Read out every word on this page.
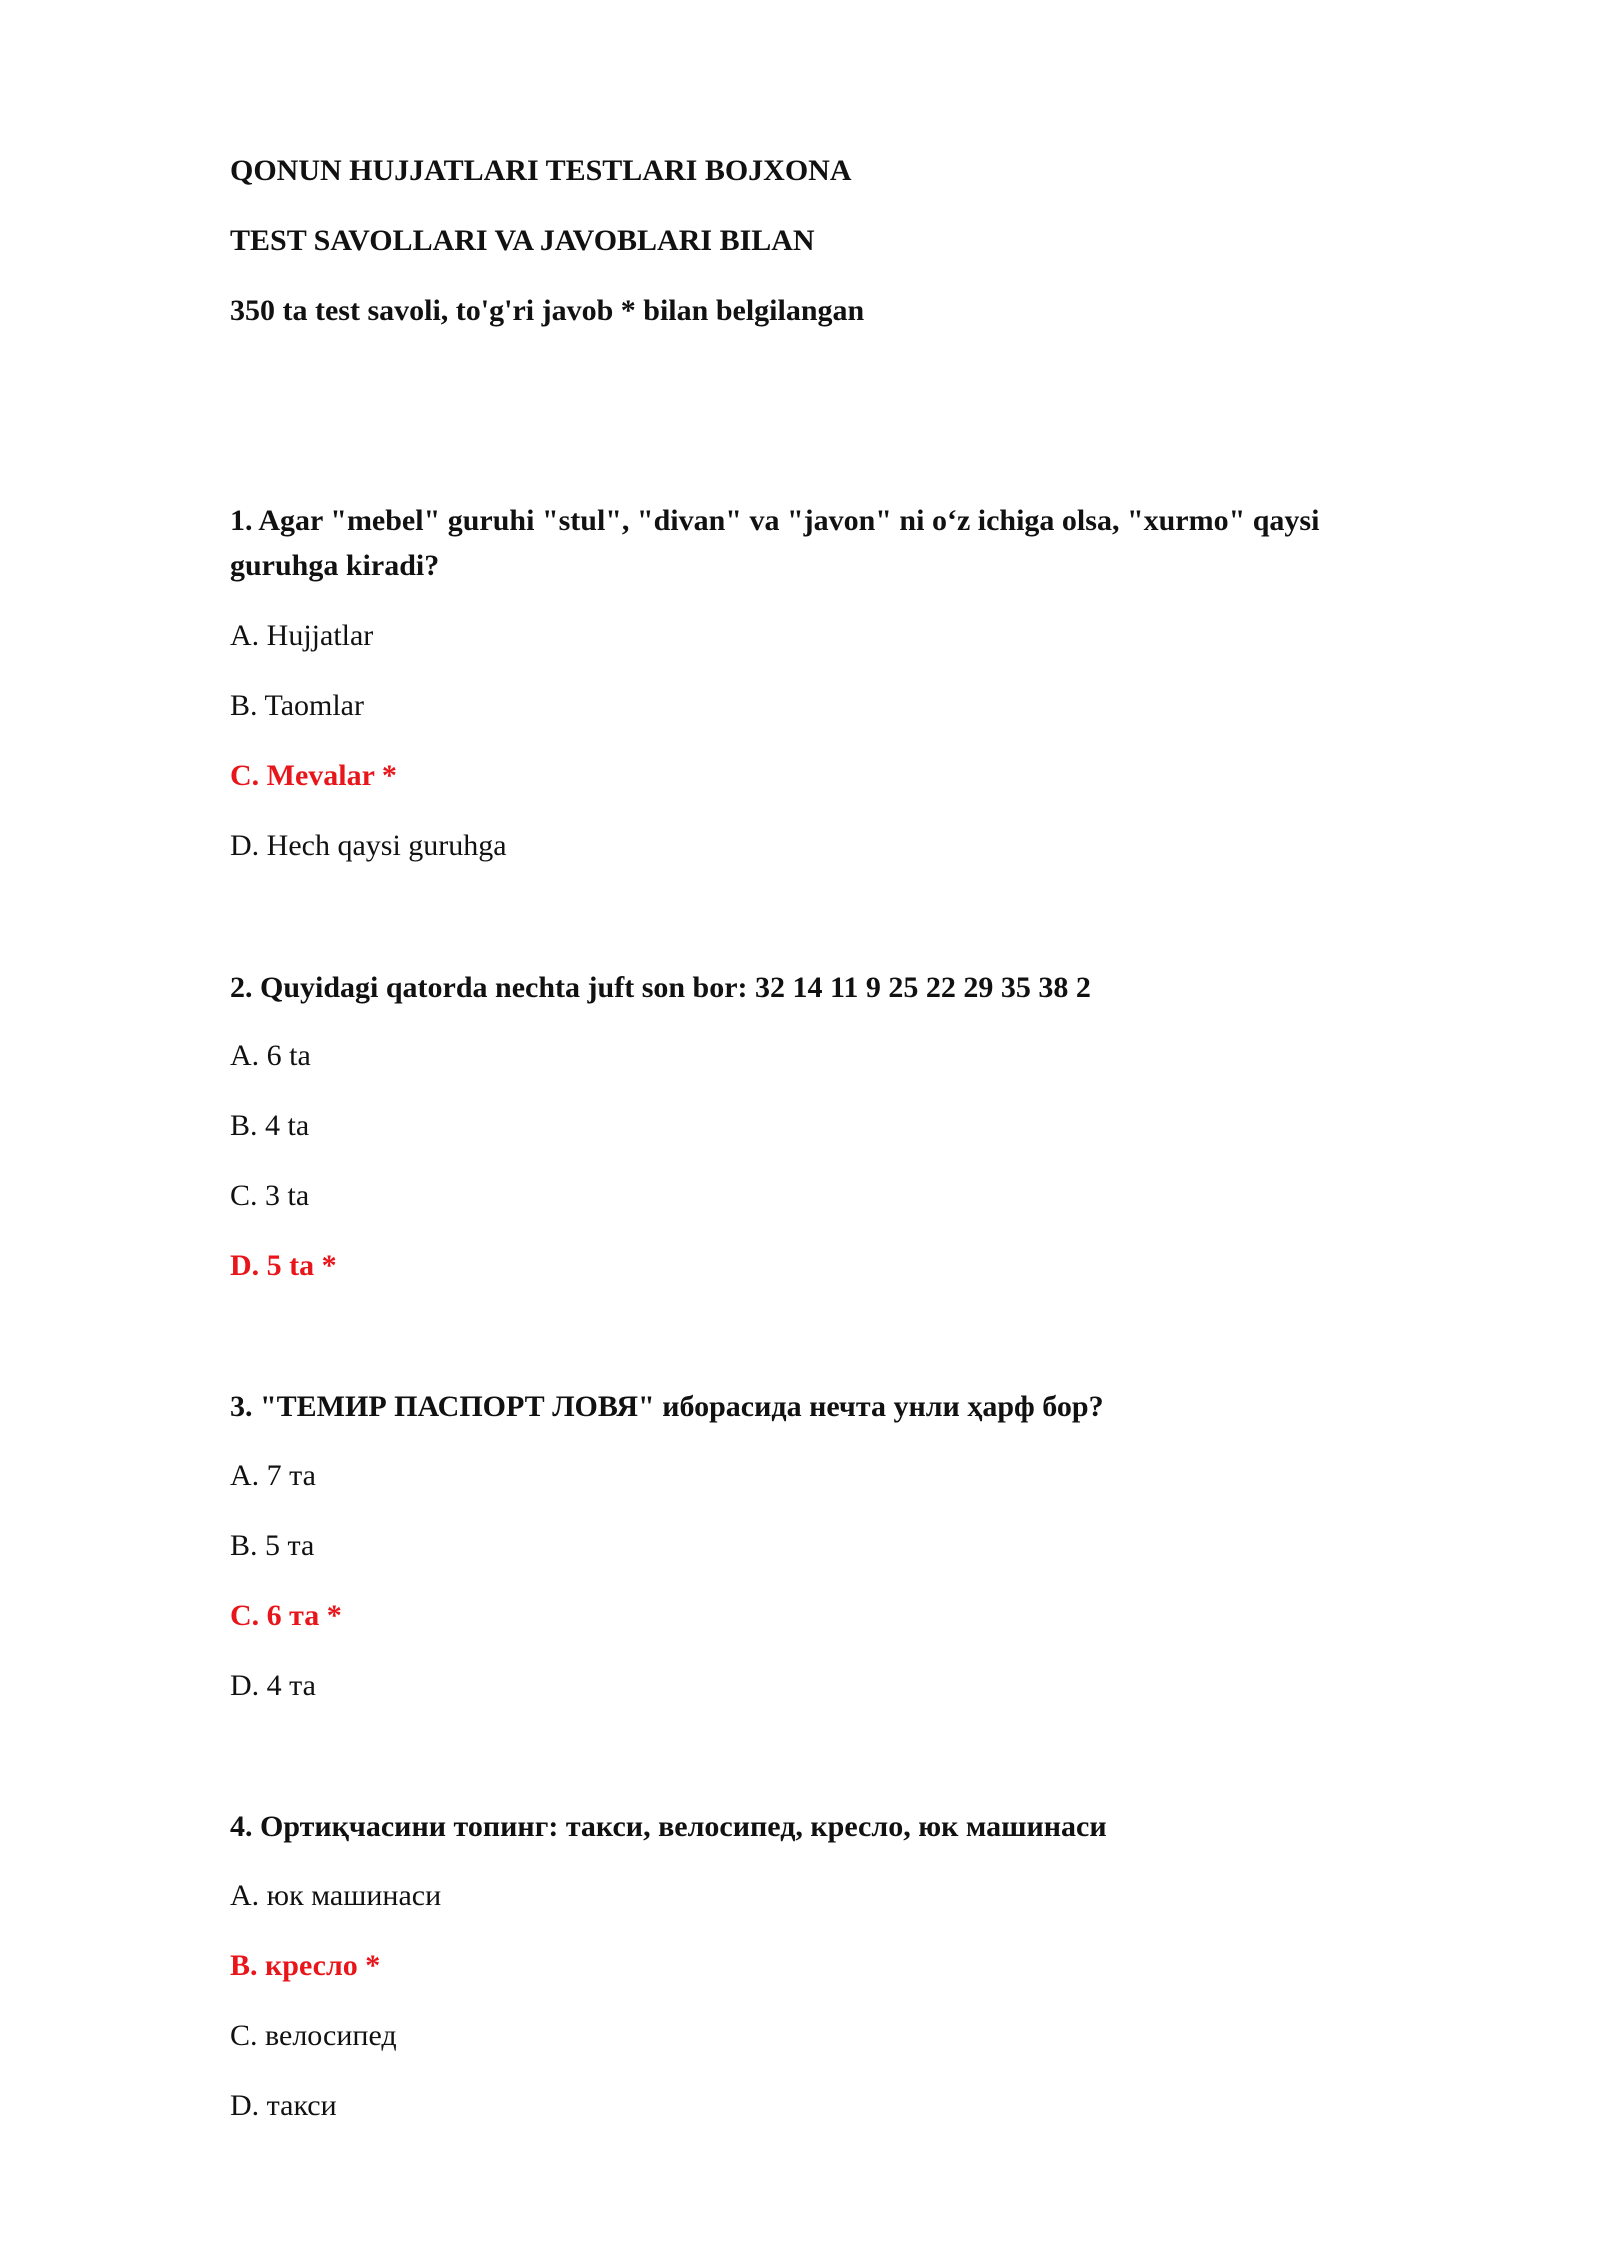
QONUN HUJJATLARI TESTLARI BOJXONA
TEST SAVOLLARI VA JAVOBLARI BILAN
350 ta test savoli, to'g'ri javob * bilan belgilangan

1. Agar "mebel" guruhi "stul", "divan" va "javon" ni o‘z ichiga olsa, "xurmo" qaysi guruhga kiradi?

A. Hujjatlar
B. Taomlar
C. Mevalar *
D. Hech qaysi guruhga

2. Quyidagi qatorda nechta juft son bor: 32 14 11 9 25 22 29 35 38 2

A. 6 ta
B. 4 ta
C. 3 ta
D. 5 ta *

3. "ТЕМИР ПАСПОРТ ЛОВЯ" иборасида нечта унли ҳарф бор?

A. 7 та
B. 5 та
C. 6 та *
D. 4 та

4. Ортиқчасини топинг: такси, велосипед, кресло, юк машинаси

A. юк машинаси
B. кресло *
C. велосипед
D. такси
